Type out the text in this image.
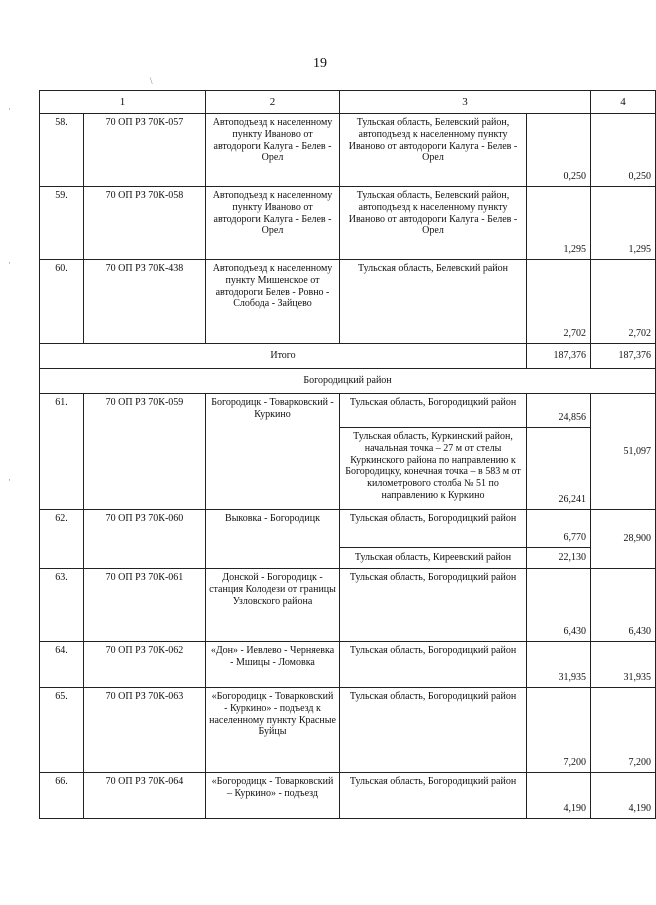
19
\
·
·
·
1		2	3		4
58.	70 ОП РЗ 70К-057	Автоподъезд к населенному пункту Иваново от автодороги Калуга - Белев - Орел	Тульская область, Белевский район, автоподъезд к населенному пункту Иваново от автодороги Калуга - Белев - Орел	0,250	0,250
59.	70 ОП РЗ 70К-058	Автоподъезд к населенному пункту Иваново от автодороги Калуга - Белев - Орел	Тульская область, Белевский район, автоподъезд к населенному пункту Иваново от автодороги Калуга - Белев - Орел	1,295	1,295
60.	70 ОП РЗ 70К-438	Автоподъезд к населенному пункту Мишенское от автодороги Белев - Ровно - Слобода - Зайцево	Тульская область, Белевский район	2,702	2,702
Итого				187,376	187,376
Богородицкий район					
61.	70 ОП РЗ 70К-059	Богородицк - Товарковский - Куркино	Тульская область, Богородицкий район	24,856	51,097
			Тульская область, Куркинский район, начальная точка – 27 м от стелы Куркинского района по направлению к Богородицку, конечная точка – в 583 м от километрового столба № 51 по направлению к Куркино	26,241	
62.	70 ОП РЗ 70К-060	Выковка - Богородицк	Тульская область, Богородицкий район	6,770	28,900
			Тульская область, Киреевский район	22,130	
63.	70 ОП РЗ 70К-061	Донской - Богородицк - станция Колодези от границы Узловского района	Тульская область, Богородицкий район	6,430	6,430
64.	70 ОП РЗ 70К-062	«Дон» - Иевлево - Черняевка - Мшицы - Ломовка	Тульская область, Богородицкий район	31,935	31,935
65.	70 ОП РЗ 70К-063	«Богородицк - Товарковский - Куркино» - подъезд к населенному пункту Красные Буйцы	Тульская область, Богородицкий район	7,200	7,200
66.	70 ОП РЗ 70К-064	«Богородицк - Товарковский – Куркино» - подъезд	Тульская область, Богородицкий район	4,190	4,190
